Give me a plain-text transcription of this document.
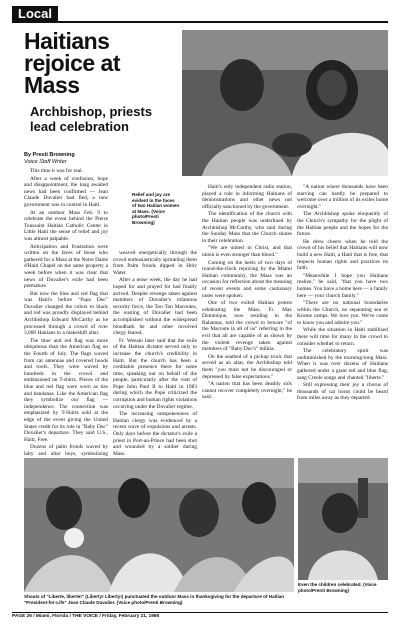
Local
Haitians rejoice at Mass
Archbishop, priests lead celebration
By Presti Browning
Voice Staff Writer
Relief and joy are evident in the faces of two Haitian women at Mass. (Voice photo/Presti Browning)

This time it was for real.

After a week of confusion, hope and disappointment, the long awaited news had been confirmed — Jean Claude Duvalier had fled, a new government was in control in Haiti.

At an outdoor Mass Feb. 9 to celebrate the event behind the Pierre Toussaint Haitian Catholic Center in Little Haiti the sense of relief and joy was almost palpable.

Anticipation and frustration were written on the faces of those who gathered for a Mass at the Notre Dame d'Haiti Chapel on the same property a week before when it was clear that news of Duvalier's exile had been premature.

But now the blue and red flag that was Haiti's before "Papa Doc" Duvalier changed the colors to black and red was proudly displayed behind Archbishop Edward McCarthy as he processed through a crowd of over 3,000 Haitians to a makeshift altar.

The blue and red flag was more ubiquitous than the American flag on the Fourth of July. The flags waved from car antennas and covered hoods and roofs. They were waved by hundreds in the crowd and emblazoned on T-shirts. Pieces of the blue and red flag were worn as ties and bandanas. Like the American flag they symbolize our flag — independence. The connection was emphasized by T-Shirts sold at the edge of the event giving the United States credit for its role in "Baby Doc" Duvalier's departure. They said U.S., Haiti, Free.

Dozens of palm fronds waved by laity and altar boys, symbolizing

weaved energetically through the crowd enthusiastically sprinkling them from Palm fronds dipped in Holy Water.

After a tense week, the day he had hoped for and prayed for had finally arrived. Despite revenge taken against members of Duvalier's infamous security force, the Ton Ton Macoutes, the ousting of Duvalier had been accomplished without the widespread bloodbath he and other involved clergy feared.

Fr. Wenski later said that the exile of the Haitian dictator served only to increase the church's credibility in Haiti. But the church has been a creditable presence there for some time, speaking out on behalf of the people, particularly after the visit of Pope John Paul II to Haiti in 1983 during which the Pope criticized the corruption and human rights violations occurring under the Duvalier regime.

The increasing outspokenness of Haitian clergy was evidenced by a recent wave of expulsions and arrests. Only days before the dictator's exile a priest in Port-au-Prince had been shot and wounded by a soldier during Mass.

Haiti's only independent radio station, played a role in informing Haitians of demonstrations and other news not officially sanctioned by the government.

The identification of the church with the Haitian people was underlined by Archbishop McCarthy, who said during the Sunday Mass that the Church shares in their celebration.

"We are united in Christ, and that union is even stronger than blood."

Coming on the heels of two days of round-the-clock rejoicing by the Miami Haitian community, the Mass was an occasion for reflection about the meaning of recent events and some cautionary notes were spoken.

One of two exiled Haitian priests celebrating the Mass, Fr. Max Dominique, now residing in the Bahamas, told the crowd to beware "of the Macoute in all of us" referring to the evil that all are capable of as shown by the violent revenge taken against members of "Baby Doc's" militia.

On the seatbed of a pickup truck that served as an altar, the Archbishop told them "you must not be discouraged or depressed by false expectations."

"A nation that has been deathly sick cannot recover completely overnight," he said.

"A nation where thousands have been starving can hardly be prepared to welcome over a million of its exiles home overnight."

The Archbishop spoke eloquently of the Church's sympathy for the plight of the Haitian people and the hopes for the future.

He drew cheers when he told the crowd of his belief that Haitians will now build a new Haiti, a Haiti that is free, that respects human rights and practices its faith.

"Meanwhile I hope you Haitians realize," he said, "that you have two homes. You have a home here — a family here — your church family."

"There are no national boundaries within the Church, no separating sea or Krome camps. We love you. We've come to know you and admire you."

While the situation in Haiti stabilized there will time for many in the crowd to consider whether to return.

The celebratory spirit was undiminished by the morning-long Mass. When it was over dozens of Haitians gathered under a giant red and blue flag, sang Creole songs and chanted "liberte."

Still expressing their joy a chorus of thousands of car horns could be heard from miles away as they departed.

Shouts of "Liberte, liberte!" (Liberty! Liberty!) punctuated the outdoor Mass in thanksgiving for the departure of Haitian "President-for-Life" Jean Claude Duvalier. (Voice photo/Prenti Browning)
Even the children celebrated. (Voice photo/Prenti Browning)
PAGE 26 / Miami, Florida / THE VOICE / Friday, February 21, 1986
